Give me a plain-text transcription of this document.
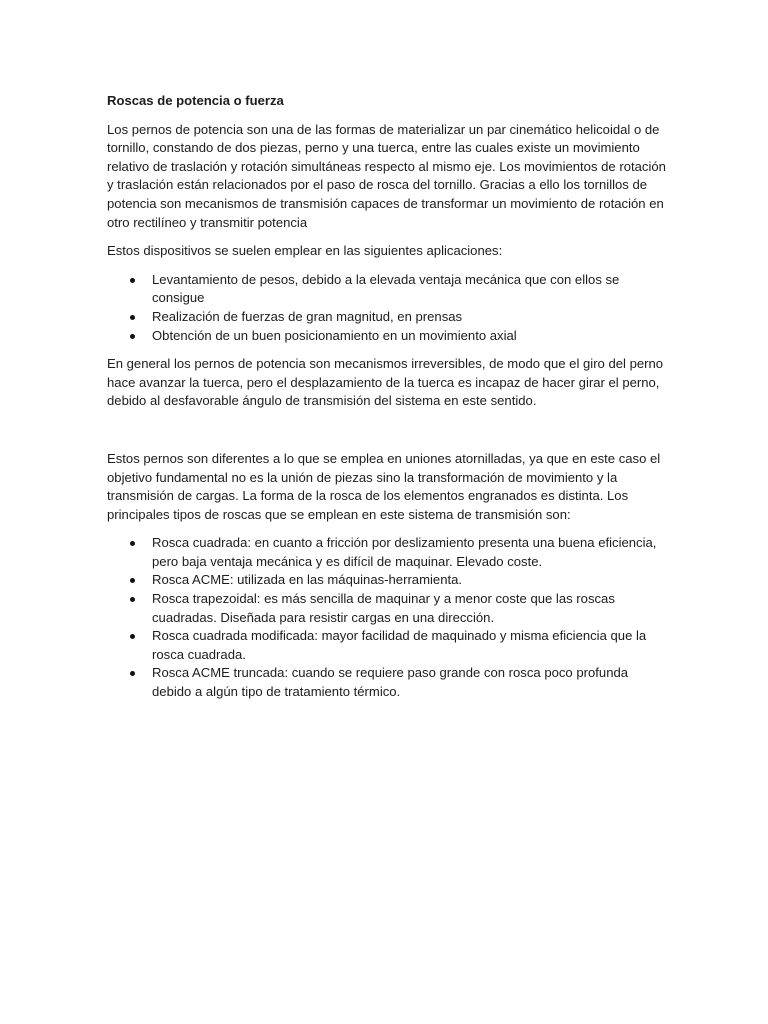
Roscas de potencia o fuerza

Los pernos de potencia son una de las formas de materializar un par cinemático helicoidal o de tornillo, constando de dos piezas, perno y una tuerca, entre las cuales existe un movimiento relativo de traslación y rotación simultáneas respecto al mismo eje. Los movimientos de rotación y traslación están relacionados por el paso de rosca del tornillo. Gracias a ello los tornillos de potencia son mecanismos de transmisión capaces de transformar un movimiento de rotación en otro rectilíneo y transmitir potencia

Estos dispositivos se suelen emplear en las siguientes aplicaciones:

Levantamiento de pesos, debido a la elevada ventaja mecánica que con ellos se consigue
Realización de fuerzas de gran magnitud, en prensas
Obtención de un buen posicionamiento en un movimiento axial

En general los pernos de potencia son mecanismos irreversibles, de modo que el giro del perno hace avanzar la tuerca, pero el desplazamiento de la tuerca es incapaz de hacer girar el perno, debido al desfavorable ángulo de transmisión del sistema en este sentido.

Estos pernos son diferentes a lo que se emplea en uniones atornilladas, ya que en este caso el objetivo fundamental no es la unión de piezas sino la transformación de movimiento y la transmisión de cargas. La forma de la rosca de los elementos engranados es distinta. Los principales tipos de roscas que se emplean en este sistema de transmisión son:

Rosca cuadrada: en cuanto a fricción por deslizamiento presenta una buena eficiencia, pero baja ventaja mecánica y es difícil de maquinar. Elevado coste.
Rosca ACME: utilizada en las máquinas-herramienta.
Rosca trapezoidal: es más sencilla de maquinar y a menor coste que las roscas cuadradas. Diseñada para resistir cargas en una dirección.
Rosca cuadrada modificada: mayor facilidad de maquinado y misma eficiencia que la rosca cuadrada.
Rosca ACME truncada: cuando se requiere paso grande con rosca poco profunda debido a algún tipo de tratamiento térmico.
